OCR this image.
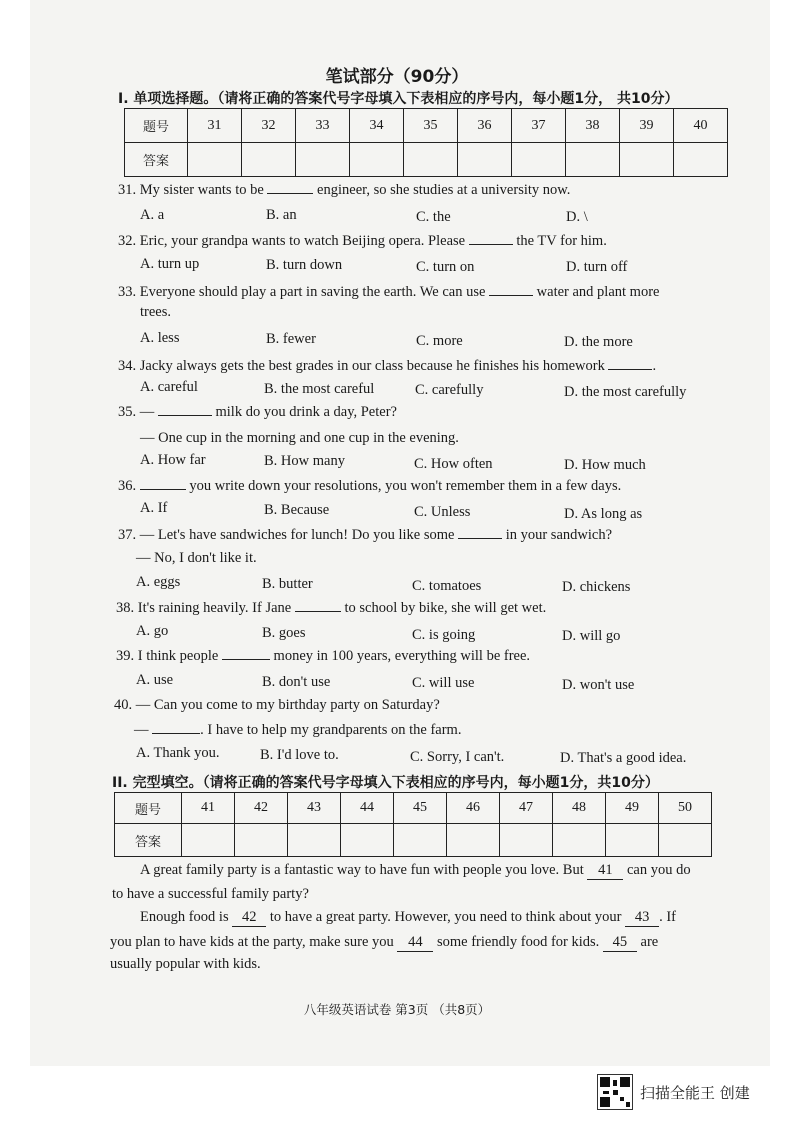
笔试部分（90分）
I. 单项选择题。（请将正确的答案代号字母填入下表相应的序号内，每小题1分， 共10分）
题号	31	32	33	34	35	36	37	38	39	40
答案										
31. My sister wants to be	engineer, so she studies at a university now.
A. a	B. an	C. the	D. \
32. Eric, your grandpa wants to watch Beijing opera. Please	the TV for him.
A. turn up	B. turn down	C. turn on	D. turn off
33. Everyone should play a part in saving the earth. We can use	water and plant more
trees.
A. less	B. fewer	C. more	D. the more
34. Jacky always gets the best grades in our class because he finishes his homework	.
A. careful	B. the most careful	C. carefully	D. the most carefully
35. —	milk do you drink a day, Peter?
— One cup in the morning and one cup in the evening.
A. How far	B. How many	C. How often	D. How much
36.	you write down your resolutions, you won't remember them in a few days.
A. If	B. Because	C. Unless	D. As long as
37. — Let's have sandwiches for lunch! Do you like some	in your sandwich?
— No, I don't like it.
A. eggs	B. butter	C. tomatoes	D. chickens
38. It's raining heavily. If Jane	to school by bike, she will get wet.
A. go	B. goes	C. is going	D. will go
39. I think people	money in 100 years, everything will be free.
A. use	B. don't use	C. will use	D. won't use
40. — Can you come to my birthday party on Saturday?
—	. I have to help my grandparents on the farm.
A. Thank you.	B. I'd love to.	C. Sorry, I can't.	D. That's a good idea.
II. 完型填空。（请将正确的答案代号字母填入下表相应的序号内，每小题1分，共10分）
题号	41	42	43	44	45	46	47	48	49	50
答案										
A great family party is a fantastic way to have fun with people you love. But 41 can you do
to have a successful family party?
Enough food is 42 to have a great party. However, you need to think about your 43 . If
you plan to have kids at the party, make sure you 44 some friendly food for kids. 45 are
usually popular with kids.
八年级英语试卷 第3页 （共8页）
扫描全能王 创建
